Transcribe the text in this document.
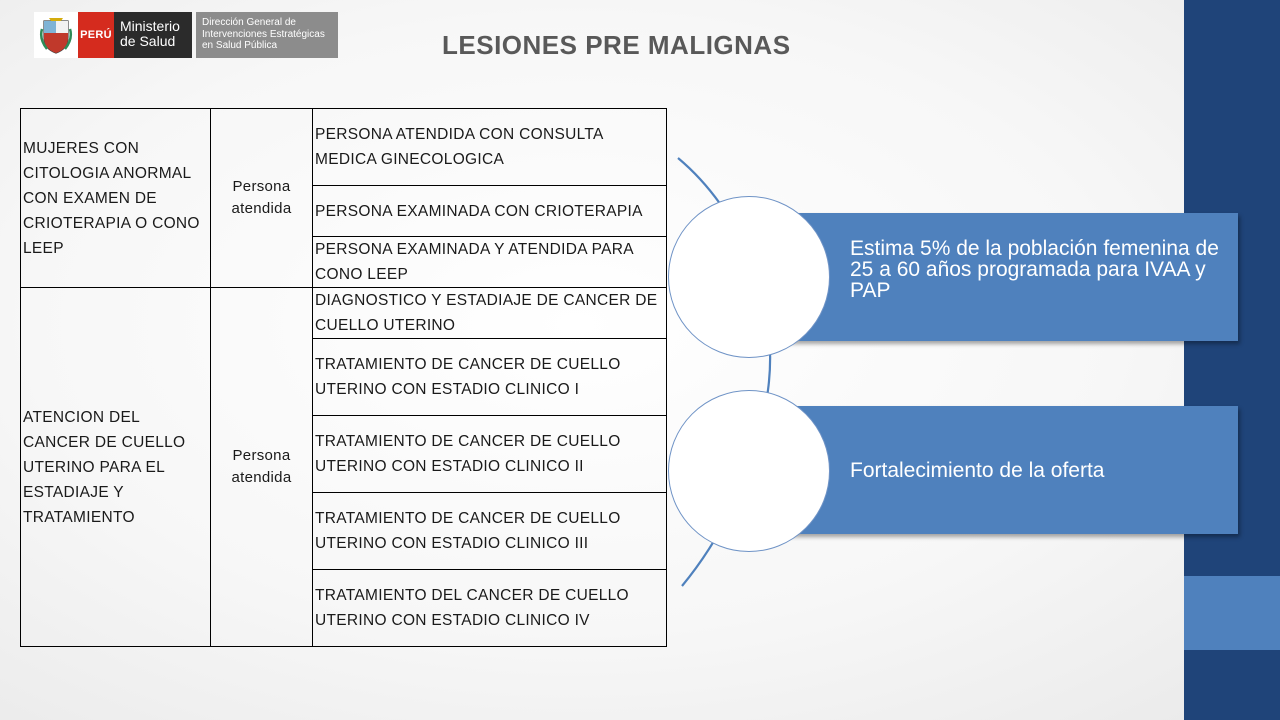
PERÚ
Ministerio de Salud
Dirección General de Intervenciones Estratégicas en Salud Pública	LESIONES PRE MALIGNAS
MUJERES CON CITOLOGIA ANORMAL CON EXAMEN DE CRIOTERAPIA O CONO LEEP	Persona atendida	PERSONA ATENDIDA CON CONSULTA MEDICA GINECOLOGICA
		PERSONA EXAMINADA CON CRIOTERAPIA
		PERSONA EXAMINADA Y ATENDIDA PARA CONO LEEP
ATENCION DEL CANCER DE CUELLO UTERINO PARA EL ESTADIAJE Y TRATAMIENTO	Persona atendida	DIAGNOSTICO Y ESTADIAJE DE CANCER DE CUELLO UTERINO
		TRATAMIENTO DE CANCER DE CUELLO UTERINO CON ESTADIO CLINICO I
		TRATAMIENTO DE CANCER DE CUELLO UTERINO CON ESTADIO CLINICO II
		TRATAMIENTO DE CANCER DE CUELLO UTERINO CON ESTADIO CLINICO III
		TRATAMIENTO DEL CANCER DE CUELLO UTERINO CON ESTADIO CLINICO IV
Estima 5% de la población femenina de 25 a 60 años programada para IVAA y PAP
Fortalecimiento de la oferta
